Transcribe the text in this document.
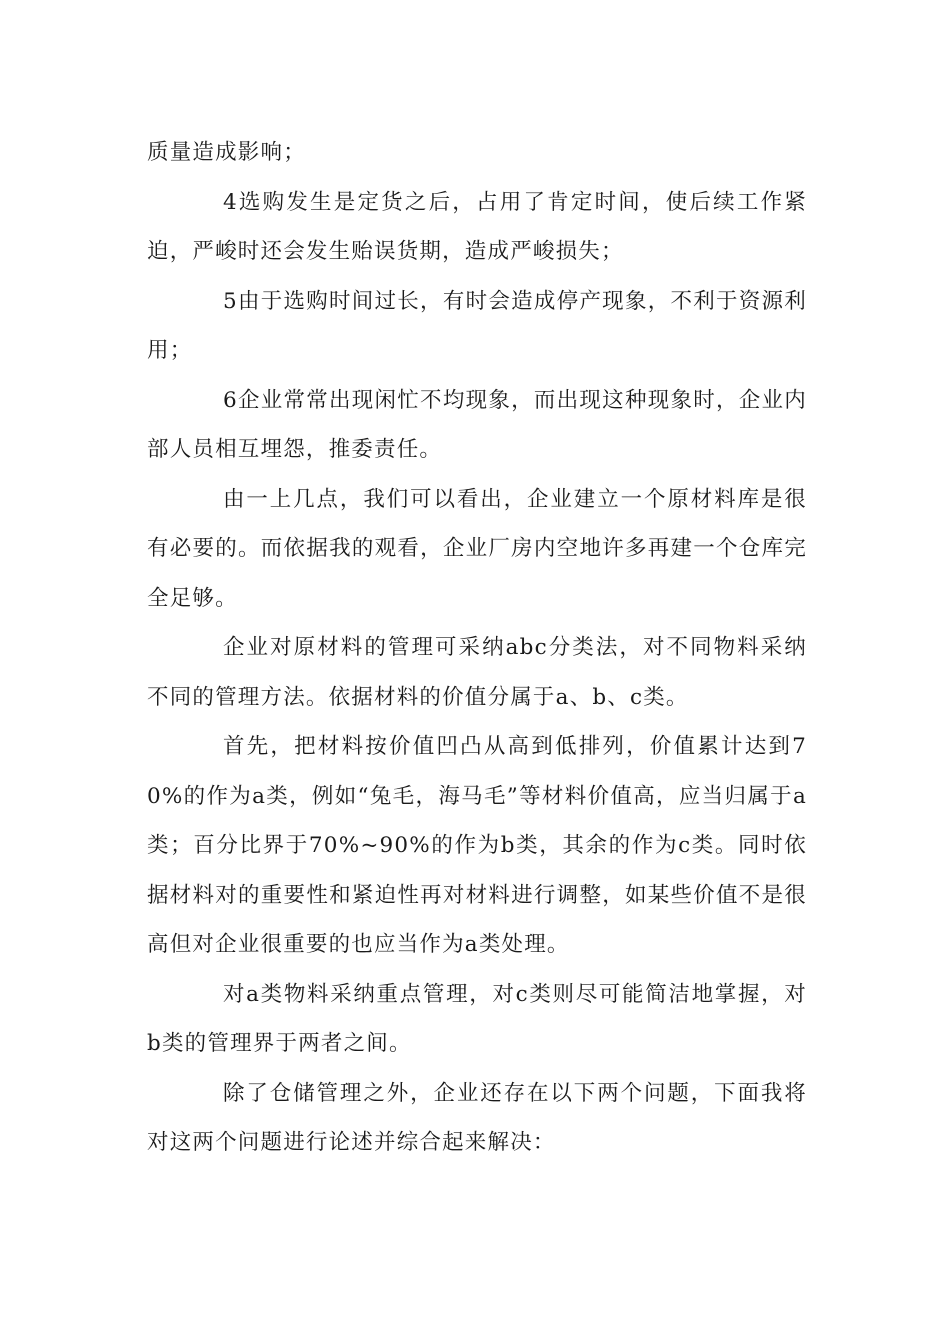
质量造成影响；

4选购发生是定货之后，占用了肯定时间，使后续工作紧迫，严峻时还会发生贻误货期，造成严峻损失；

5由于选购时间过长，有时会造成停产现象，不利于资源利用；

6企业常常出现闲忙不均现象，而出现这种现象时，企业内部人员相互埋怨，推委责任。

由一上几点，我们可以看出，企业建立一个原材料库是很有必要的。而依据我的观看，企业厂房内空地许多再建一个仓库完全足够。

企业对原材料的管理可采纳abc分类法，对不同物料采纳不同的管理方法。依据材料的价值分属于a、b、c类。

首先，把材料按价值凹凸从高到低排列，价值累计达到70%的作为a类，例如“兔毛，海马毛”等材料价值高，应当归属于a类；百分比界于70%~90%的作为b类，其余的作为c类。同时依据材料对的重要性和紧迫性再对材料进行调整，如某些价值不是很高但对企业很重要的也应当作为a类处理。

对a类物料采纳重点管理，对c类则尽可能简洁地掌握，对b类的管理界于两者之间。

除了仓储管理之外，企业还存在以下两个问题，下面我将对这两个问题进行论述并综合起来解决：
